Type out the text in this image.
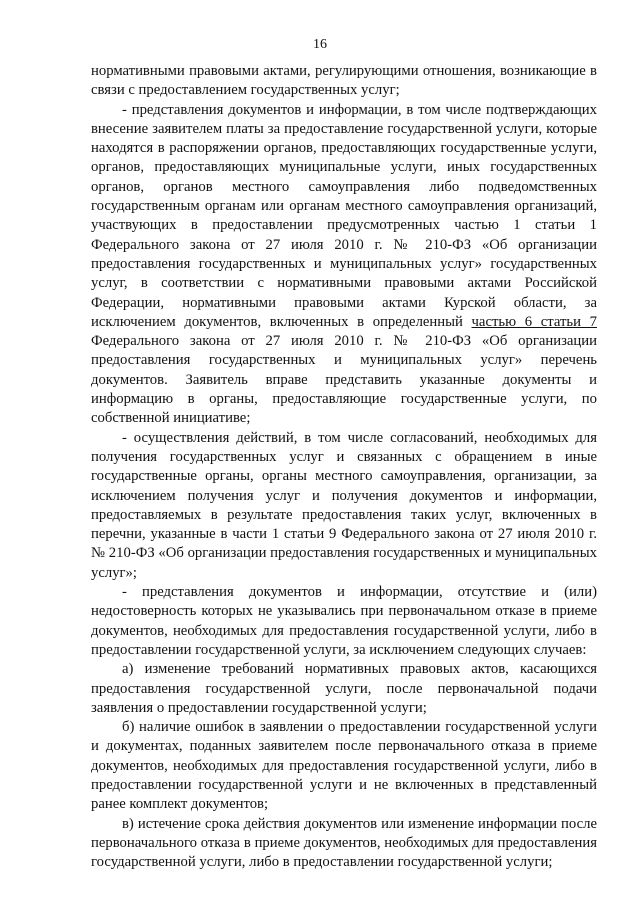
16

нормативными правовыми актами, регулирующими отношения, возникающие в связи с предоставлением государственных услуг;

- представления документов и информации, в том числе подтверждающих внесение заявителем платы за предоставление государственной услуги, которые находятся в распоряжении органов, предоставляющих государственные услуги, органов, предоставляющих муниципальные услуги, иных государственных органов, органов местного самоуправления либо подведомственных государственным органам или органам местного самоуправления организаций, участвующих в предоставлении предусмотренных частью 1 статьи 1 Федерального закона от 27 июля 2010 г. № 210-ФЗ «Об организации предоставления государственных и муниципальных услуг» государственных услуг, в соответствии с нормативными правовыми актами Российской Федерации, нормативными правовыми актами Курской области, за исключением документов, включенных в определенный частью 6 статьи 7 Федерального закона от 27 июля 2010 г. № 210-ФЗ «Об организации предоставления государственных и муниципальных услуг» перечень документов. Заявитель вправе представить указанные документы и информацию в органы, предоставляющие государственные услуги, по собственной инициативе;

- осуществления действий, в том числе согласований, необходимых для получения государственных услуг и связанных с обращением в иные государственные органы, органы местного самоуправления, организации, за исключением получения услуг и получения документов и информации, предоставляемых в результате предоставления таких услуг, включенных в перечни, указанные в части 1 статьи 9 Федерального закона от 27 июля 2010 г. № 210-ФЗ «Об организации предоставления государственных и муниципальных услуг»;

- представления документов и информации, отсутствие и (или) недостоверность которых не указывались при первоначальном отказе в приеме документов, необходимых для предоставления государственной услуги, либо в предоставлении государственной услуги, за исключением следующих случаев:

а) изменение требований нормативных правовых актов, касающихся предоставления государственной услуги, после первоначальной подачи заявления о предоставлении государственной услуги;

б) наличие ошибок в заявлении о предоставлении государственной услуги и документах, поданных заявителем после первоначального отказа в приеме документов, необходимых для предоставления государственной услуги, либо в предоставлении государственной услуги и не включенных в представленный ранее комплект документов;

в) истечение срока действия документов или изменение информации после первоначального отказа в приеме документов, необходимых для предоставления государственной услуги, либо в предоставлении государственной услуги;
